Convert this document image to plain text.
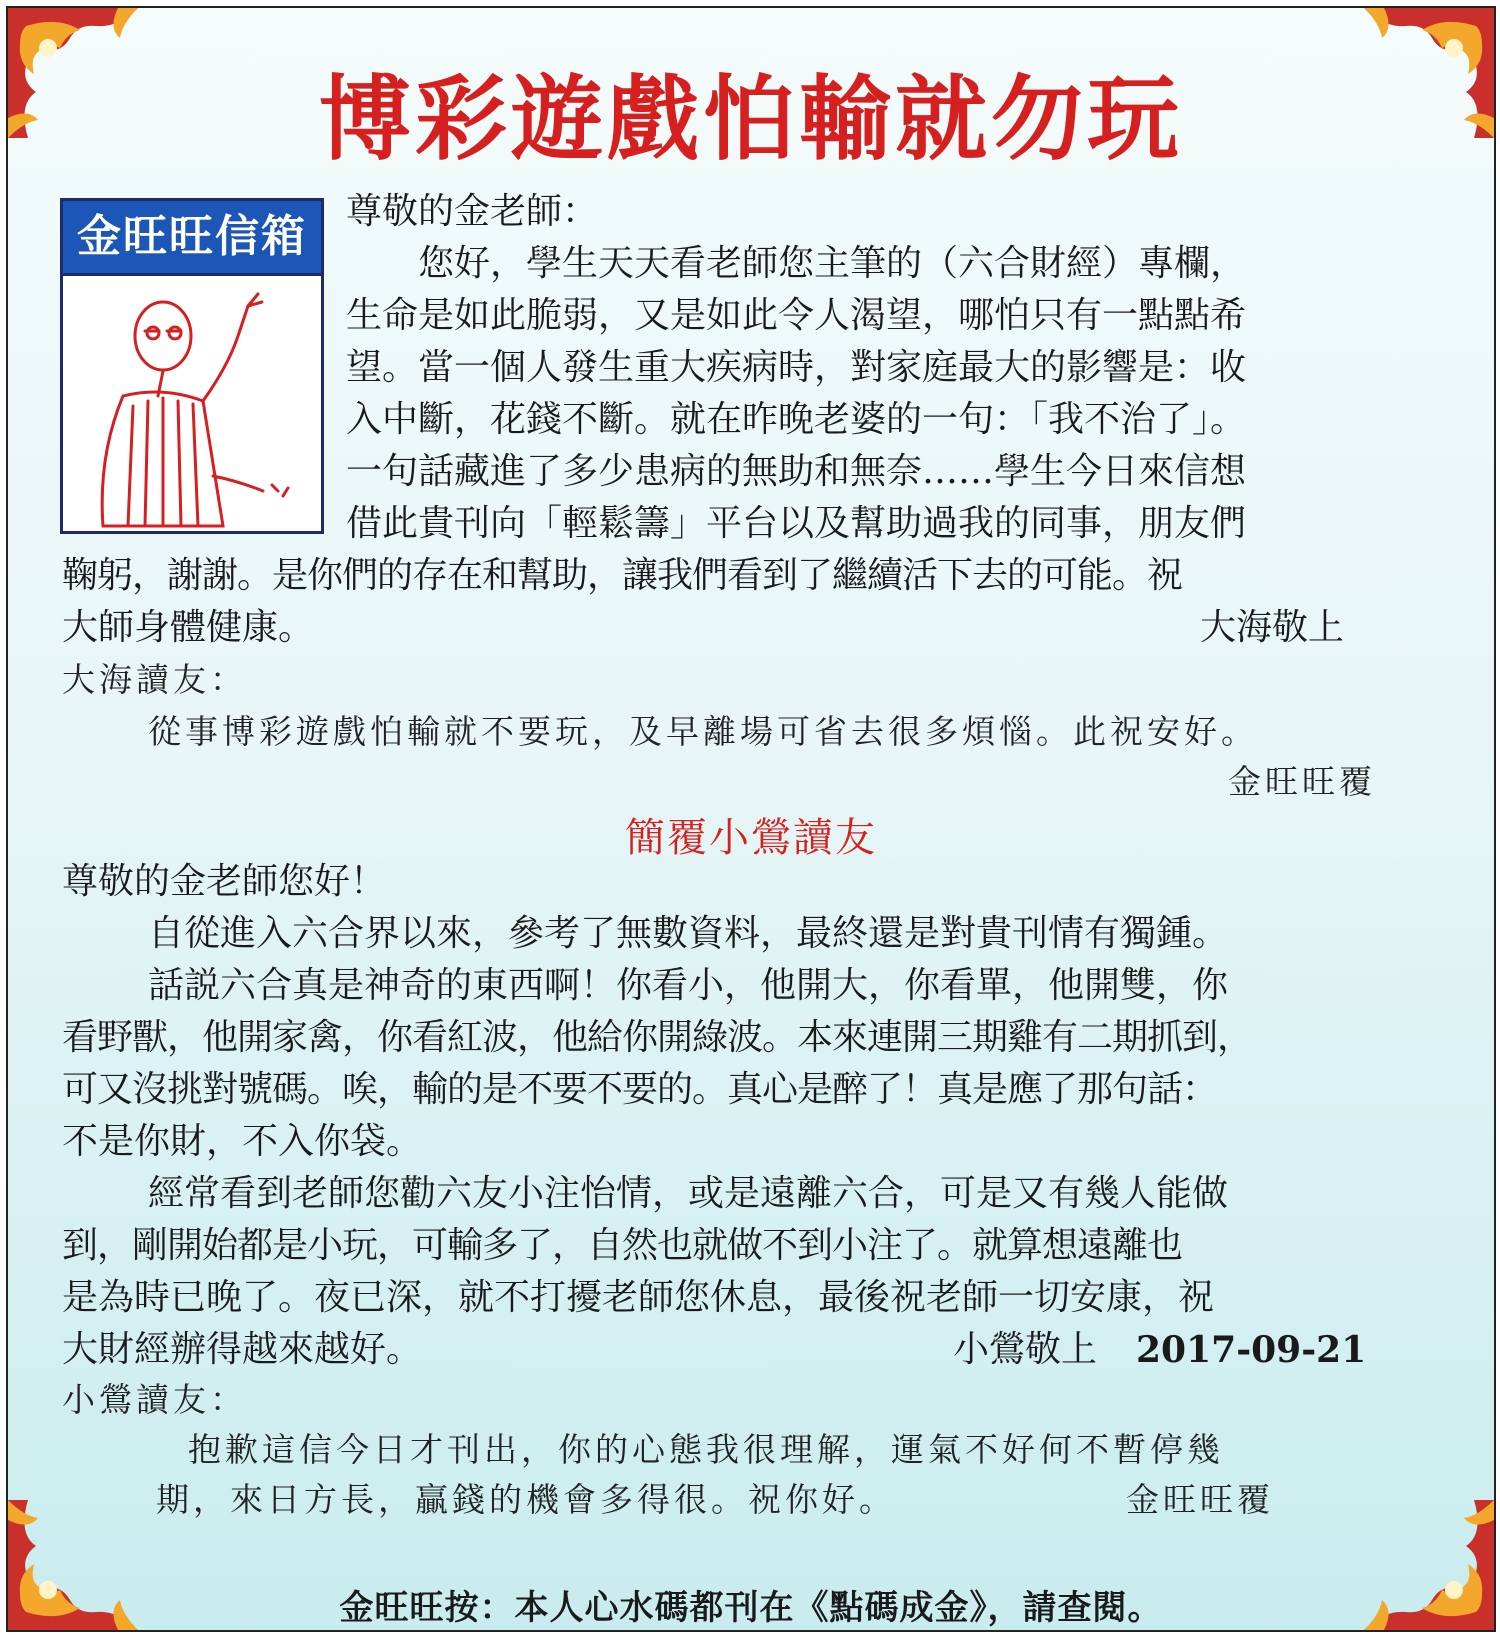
博彩遊戲怕輸就勿玩
金旺旺信箱	尊敬的金老師：
　　您好，學生天天看老師您主筆的（六合財經）專欄，
生命是如此脆弱，又是如此令人渴望，哪怕只有一點點希
望。當一個人發生重大疾病時，對家庭最大的影響是：收
入中斷，花錢不斷。就在昨晚老婆的一句：「我不治了」。
一句話藏進了多少患病的無助和無奈……學生今日來信想
借此貴刊向「輕鬆籌」平台以及幫助過我的同事，朋友們
鞠躬，謝謝。是你們的存在和幫助，讓我們看到了繼續活下去的可能。祝
大師身體健康。	大海敬上
大海讀友：
從事博彩遊戲怕輸就不要玩，及早離場可省去很多煩惱。此祝安好。
金旺旺覆
簡覆小鶯讀友
尊敬的金老師您好！
自從進入六合界以來，參考了無數資料，最終還是對貴刊情有獨鍾。
話説六合真是神奇的東西啊！你看小，他開大，你看單，他開雙，你
看野獸，他開家禽，你看紅波，他給你開綠波。本來連開三期雞有二期抓到，
可又沒挑對號碼。唉，輸的是不要不要的。真心是醉了！真是應了那句話：
不是你財，不入你袋。
經常看到老師您勸六友小注怡情，或是遠離六合，可是又有幾人能做
到，剛開始都是小玩，可輸多了，自然也就做不到小注了。就算想遠離也
是為時已晚了。夜已深，就不打擾老師您休息，最後祝老師一切安康，祝
大財經辦得越來越好。	小鶯敬上 2017-09-21
小鶯讀友：
抱歉這信今日才刊出，你的心態我很理解，運氣不好何不暫停幾
期，來日方長，贏錢的機會多得很。祝你好。	金旺旺覆
金旺旺按：本人心水碼都刊在《點碼成金》，請查閱。
